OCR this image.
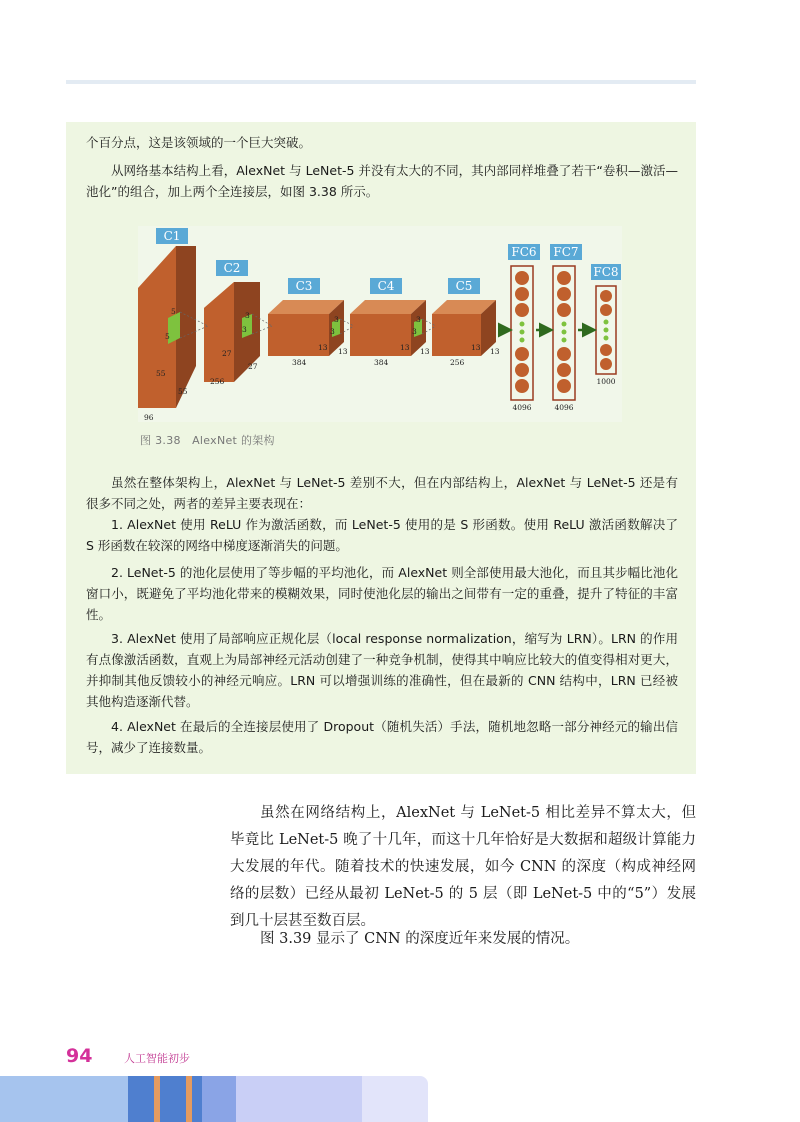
个百分点，这是该领域的一个巨大突破。

从网络基本结构上看，AlexNet 与 LeNet-5 并没有太大的不同，其内部同样堆叠了若干“卷积—激活—池化”的组合，加上两个全连接层，如图 3.38 所示。

C1
C2
C3	C4	C5
FC6 FC7
FC8
55
55
96
5
5
27
27
256
3
3
13 13
384
3
3
13 13
384
3
3
13 13
256
4096	4096
1000

虽然在整体架构上，AlexNet 与 LeNet-5 差别不大，但在内部结构上，AlexNet 与 LeNet-5 还是有很多不同之处，两者的差异主要表现在：

1. AlexNet 使用 ReLU 作为激活函数，而 LeNet-5 使用的是 S 形函数。使用 ReLU 激活函数解决了 S 形函数在较深的网络中梯度逐渐消失的问题。

2. LeNet-5 的池化层使用了等步幅的平均池化，而 AlexNet 则全部使用最大池化，而且其步幅比池化窗口小，既避免了平均池化带来的模糊效果，同时使池化层的输出之间带有一定的重叠，提升了特征的丰富性。

3. AlexNet 使用了局部响应正规化层（local response normalization，缩写为 LRN）。LRN 的作用有点像激活函数，直观上为局部神经元活动创建了一种竞争机制，使得其中响应比较大的值变得相对更大，并抑制其他反馈较小的神经元响应。LRN 可以增强训练的准确性，但在最新的 CNN 结构中，LRN 已经被其他构造逐渐代替。

4. AlexNet 在最后的全连接层使用了 Dropout（随机失活）手法，随机地忽略一部分神经元的输出信号，减少了连接数量。

图 3.38　AlexNet 的架构

虽然在网络结构上，AlexNet 与 LeNet-5 相比差异不算太大，但毕竟比 LeNet-5 晚了十几年，而这十几年恰好是大数据和超级计算能力大发展的年代。随着技术的快速发展，如今 CNN 的深度（构成神经网络的层数）已经从最初 LeNet-5 的 5 层（即 LeNet-5 中的“5”）发展到几十层甚至数百层。

图 3.39 显示了 CNN 的深度近年来发展的情况。

94	人工智能初步
